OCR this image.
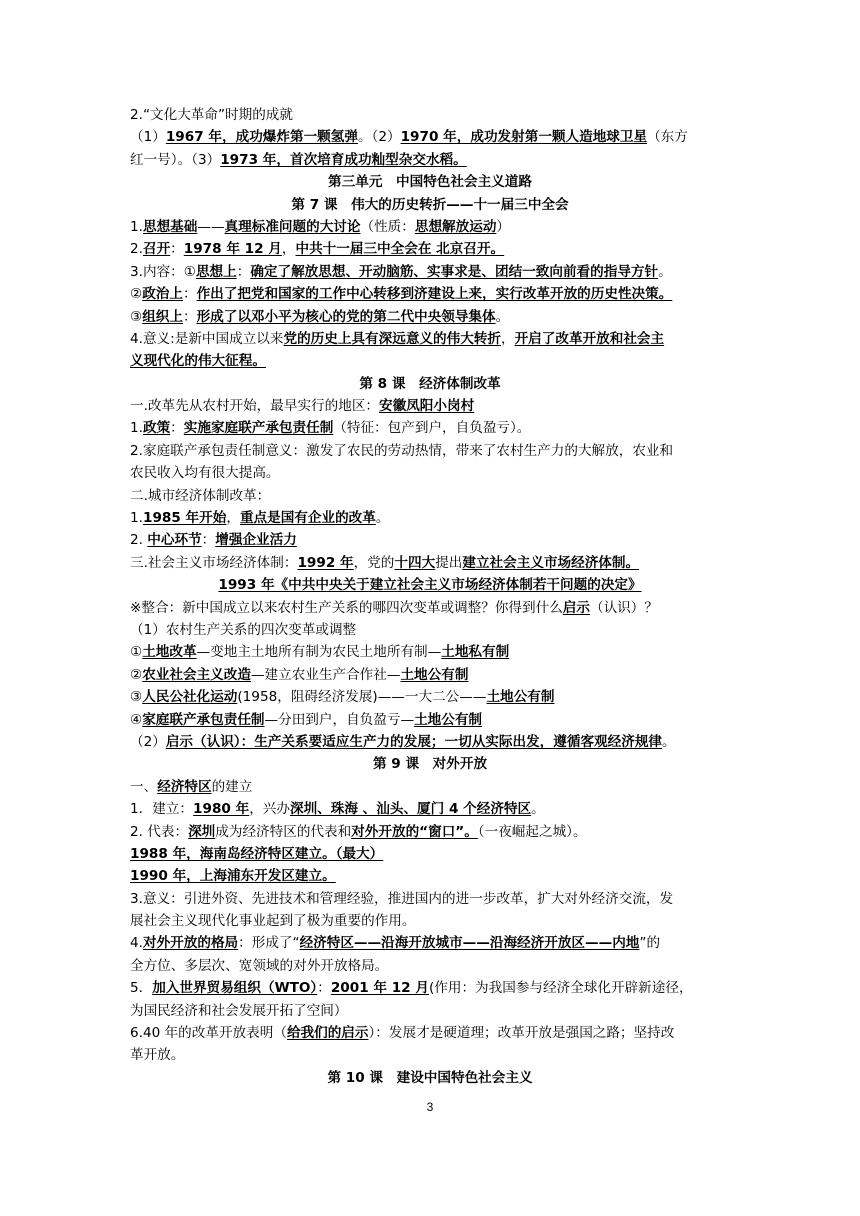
2.“文化大革命”时期的成就
（1）1967 年，成功爆炸第一颗氢弹。（2）1970 年，成功发射第一颗人造地球卫星（东方
红一号）。（3）1973 年，首次培育成功籼型杂交水稻。
第三单元　中国特色社会主义道路
第 7 课　伟大的历史转折——十一届三中全会
1.思想基础——真理标准问题的大讨论（性质：思想解放运动）
2.召开：1978 年 12 月，中共十一届三中全会在 北京召开。
3.内容：①思想上：确定了解放思想、开动脑筋、实事求是、团结一致向前看的指导方针。
②政治上：作出了把党和国家的工作中心转移到济建设上来，实行改革开放的历史性决策。
③组织上：形成了以邓小平为核心的党的第二代中央领导集体。
4.意义:是新中国成立以来党的历史上具有深远意义的伟大转折，开启了改革开放和社会主
义现代化的伟大征程。
第 8 课　经济体制改革
一.改革先从农村开始，最早实行的地区：安徽凤阳小岗村
1.政策：实施家庭联产承包责任制（特征：包产到户，自负盈亏）。
2.家庭联产承包责任制意义：激发了农民的劳动热情，带来了农村生产力的大解放，农业和
农民收入均有很大提高。
二.城市经济体制改革：
1.1985 年开始，重点是国有企业的改革。
2. 中心环节：增强企业活力
三.社会主义市场经济体制：1992 年，党的十四大提出建立社会主义市场经济体制。
1993 年《中共中央关于建立社会主义市场经济体制若干问题的决定》
※整合：新中国成立以来农村生产关系的哪四次变革或调整？你得到什么启示（认识）？
（1）农村生产关系的四次变革或调整
①土地改革—变地主土地所有制为农民土地所有制—土地私有制
②农业社会主义改造—建立农业生产合作社—土地公有制
③人民公社化运动(1958，阻碍经济发展)——一大二公——土地公有制
④家庭联产承包责任制—分田到户，自负盈亏—土地公有制
（2）启示（认识）：生产关系要适应生产力的发展；一切从实际出发，遵循客观经济规律。
第 9 课　对外开放
一、经济特区的建立
1．建立：1980 年，兴办深圳、珠海 、汕头、厦门 4 个经济特区。
2. 代表：深圳成为经济特区的代表和对外开放的“窗口”。（一夜崛起之城）。
1988 年，海南岛经济特区建立。（最大）
1990 年，上海浦东开发区建立。
3.意义：引进外资、先进技术和管理经验，推进国内的进一步改革，扩大对外经济交流，发
展社会主义现代化事业起到了极为重要的作用。
4.对外开放的格局：形成了“经济特区——沿海开放城市——沿海经济开放区——内地”的
全方位、多层次、宽领域的对外开放格局。
5．加入世界贸易组织（WTO）：2001 年 12 月(作用：为我国参与经济全球化开辟新途径，
为国民经济和社会发展开拓了空间）
6.40 年的改革开放表明（给我们的启示）：发展才是硬道理；改革开放是强国之路；坚持改
革开放。
第 10 课　建设中国特色社会主义
3
